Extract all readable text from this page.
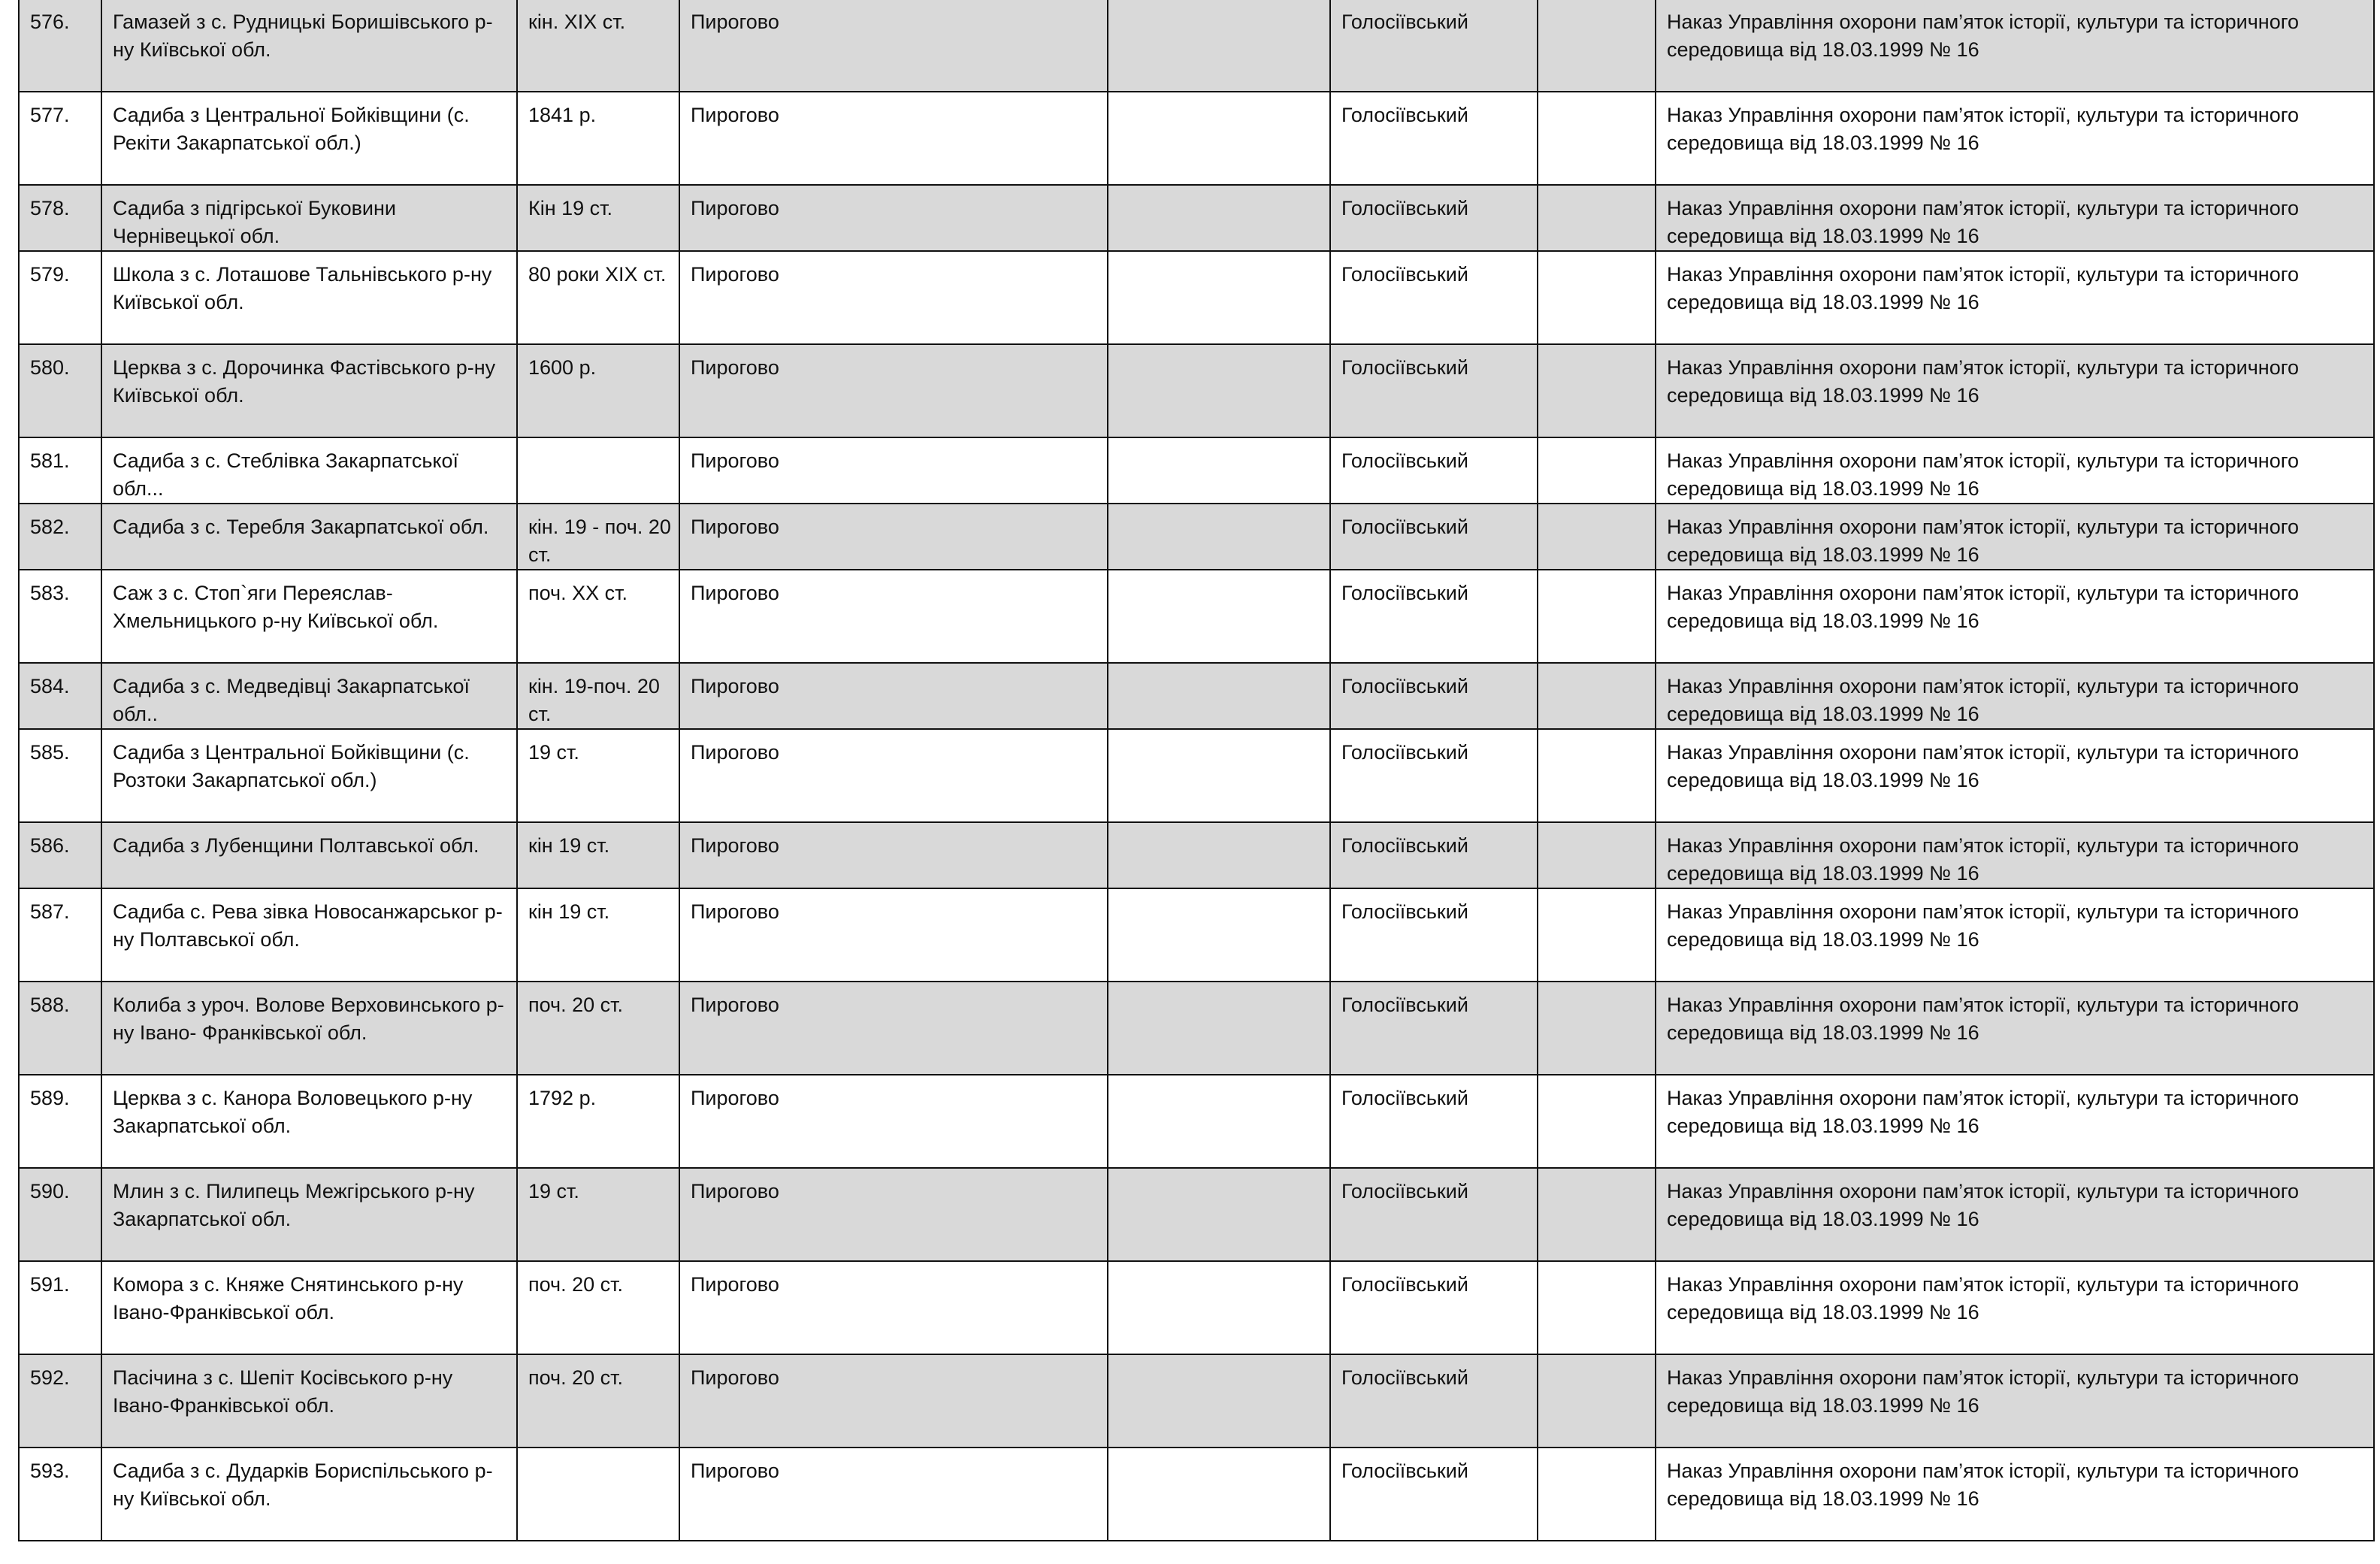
576.	Гамазей з с. Рудницькі Боришівського р-ну Київської обл.	кін. XIX ст.	Пирогово		Голосіївський		Наказ Управління охорони пам’яток історії, культури та історичного середовища від 18.03.1999 № 16
577.	Садиба з Центральної Бойківщини (с. Рекіти Закарпатської обл.)	1841 р.	Пирогово		Голосіївський		Наказ Управління охорони пам’яток історії, культури та історичного середовища від 18.03.1999 № 16
578.	Садиба з підгірської Буковини Чернівецької обл.	Кін 19 ст.	Пирогово		Голосіївський		Наказ Управління охорони пам’яток історії, культури та історичного середовища від 18.03.1999 № 16
579.	Школа з с. Лоташове Тальнівського р-ну Київської обл.	80 роки XIX ст.	Пирогово		Голосіївський		Наказ Управління охорони пам’яток історії, культури та історичного середовища від 18.03.1999 № 16
580.	Церква з с. Дорочинка Фастівського р-ну Київської обл.	1600 р.	Пирогово		Голосіївський		Наказ Управління охорони пам’яток історії, культури та історичного середовища від 18.03.1999 № 16
581.	Садиба з с. Стеблівка Закарпатської обл...		Пирогово		Голосіївський		Наказ Управління охорони пам’яток історії, культури та історичного середовища від 18.03.1999 № 16
582.	Садиба з с. Теребля Закарпатської обл.	кін. 19 - поч. 20 ст.	Пирогово		Голосіївський		Наказ Управління охорони пам’яток історії, культури та історичного середовища від 18.03.1999 № 16
583.	Саж з с. Стоп`яги Переяслав-Хмельницького р-ну Київської обл.	поч. XX ст.	Пирогово		Голосіївський		Наказ Управління охорони пам’яток історії, культури та історичного середовища від 18.03.1999 № 16
584.	Садиба з с. Медведівці Закарпатської обл..	кін. 19-поч. 20 ст.	Пирогово		Голосіївський		Наказ Управління охорони пам’яток історії, культури та історичного середовища від 18.03.1999 № 16
585.	Садиба з Центральної Бойківщини (с. Розтоки Закарпатської обл.)	19 ст.	Пирогово		Голосіївський		Наказ Управління охорони пам’яток історії, культури та історичного середовища від 18.03.1999 № 16
586.	Садиба з Лубенщини Полтавської обл.	кін 19 ст.	Пирогово		Голосіївський		Наказ Управління охорони пам’яток історії, культури та історичного середовища від 18.03.1999 № 16
587.	Садиба с. Рева зівка Новосанжарськог р-ну Полтавської обл.	кін 19 ст.	Пирогово		Голосіївський		Наказ Управління охорони пам’яток історії, культури та історичного середовища від 18.03.1999 № 16
588.	Колиба з уроч. Волове Верховинського р-ну Івано- Франківської обл.	поч. 20 ст.	Пирогово		Голосіївський		Наказ Управління охорони пам’яток історії, культури та історичного середовища від 18.03.1999 № 16
589.	Церква з с. Канора Воловецького р-ну Закарпатської обл.	1792 р.	Пирогово		Голосіївський		Наказ Управління охорони пам’яток історії, культури та історичного середовища від 18.03.1999 № 16
590.	Млин з с. Пилипець Межгірського р-ну Закарпатської обл.	19 ст.	Пирогово		Голосіївський		Наказ Управління охорони пам’яток історії, культури та історичного середовища від 18.03.1999 № 16
591.	Комора з с. Княже Снятинського р-ну Івано-Франківської обл.	поч. 20 ст.	Пирогово		Голосіївський		Наказ Управління охорони пам’яток історії, культури та історичного середовища від 18.03.1999 № 16
592.	Пасічина з с. Шепіт Косівського р-ну Івано-Франківської обл.	поч. 20 ст.	Пирогово		Голосіївський		Наказ Управління охорони пам’яток історії, культури та історичного середовища від 18.03.1999 № 16
593.	Садиба з с. Дударків Бориспільського р-ну Київської обл.		Пирогово		Голосіївський		Наказ Управління охорони пам’яток історії, культури та історичного середовища від 18.03.1999 № 16
